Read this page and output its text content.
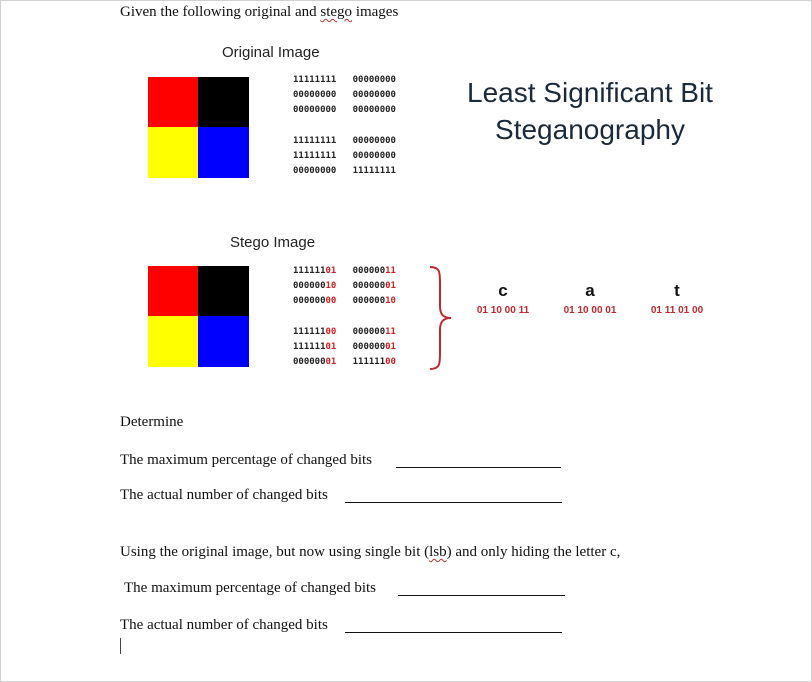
Given the following original and stego images
Original Image
11111111 00000000
00000000 00000000
00000000 00000000
11111111 00000000
11111111 00000000
00000000 11111111
Least Significant Bit
Steganography
Stego Image
11111101 00000011
00000010 00000001
00000000 00000010
11111100 00000011
11111101 00000001
00000001 11111100
c
01 10 00 11
a
01 10 00 01
t
01 11 01 00
Determine
The maximum percentage of changed bits
The actual number of changed bits
Using the original image, but now using single bit (lsb) and only hiding the letter c,
The maximum percentage of changed bits
The actual number of changed bits
